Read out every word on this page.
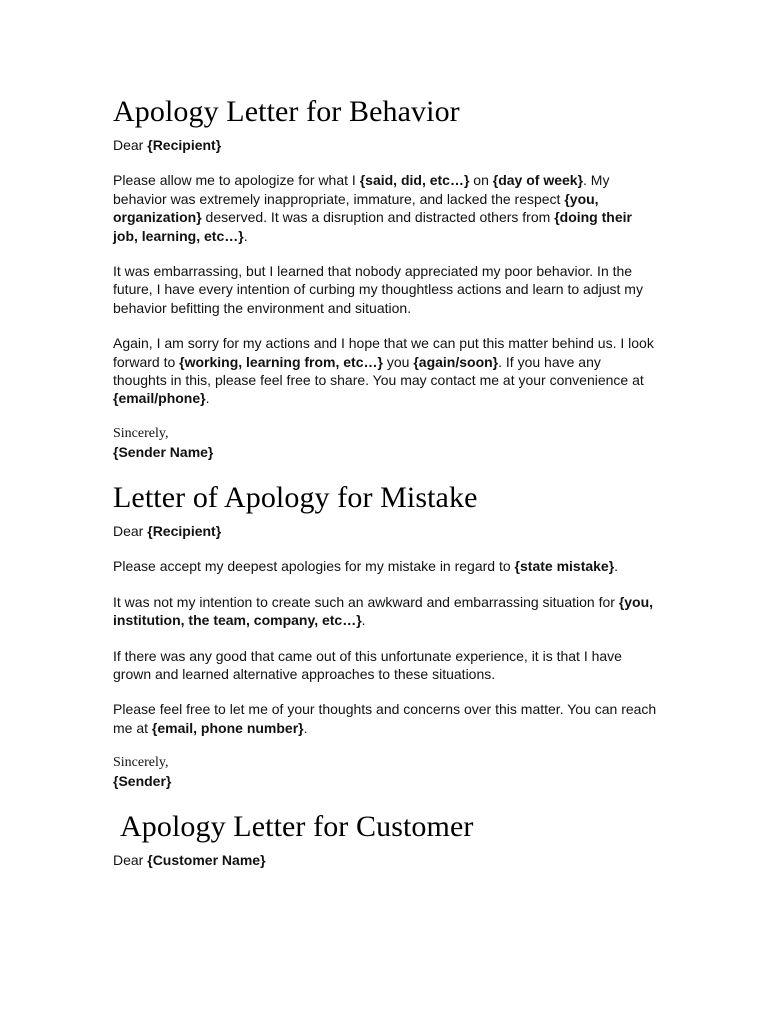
Apology Letter for Behavior

Dear {Recipient}

Please allow me to apologize for what I {said, did, etc…} on {day of week}. My behavior was extremely inappropriate, immature, and lacked the respect {you, organization} deserved. It was a disruption and distracted others from {doing their job, learning, etc…}.

It was embarrassing, but I learned that nobody appreciated my poor behavior. In the future, I have every intention of curbing my thoughtless actions and learn to adjust my behavior befitting the environment and situation.

Again, I am sorry for my actions and I hope that we can put this matter behind us. I look forward to {working, learning from, etc…} you {again/soon}. If you have any thoughts in this, please feel free to share. You may contact me at your convenience at {email/phone}.

Sincerely,
{Sender Name}
Letter of Apology for Mistake

Dear {Recipient}

Please accept my deepest apologies for my mistake in regard to {state mistake}.

It was not my intention to create such an awkward and embarrassing situation for {you, institution, the team, company, etc…}.

If there was any good that came out of this unfortunate experience, it is that I have grown and learned alternative approaches to these situations.

Please feel free to let me of your thoughts and concerns over this matter. You can reach me at {email, phone number}.

Sincerely,
{Sender}
Apology Letter for Customer

Dear {Customer Name}
